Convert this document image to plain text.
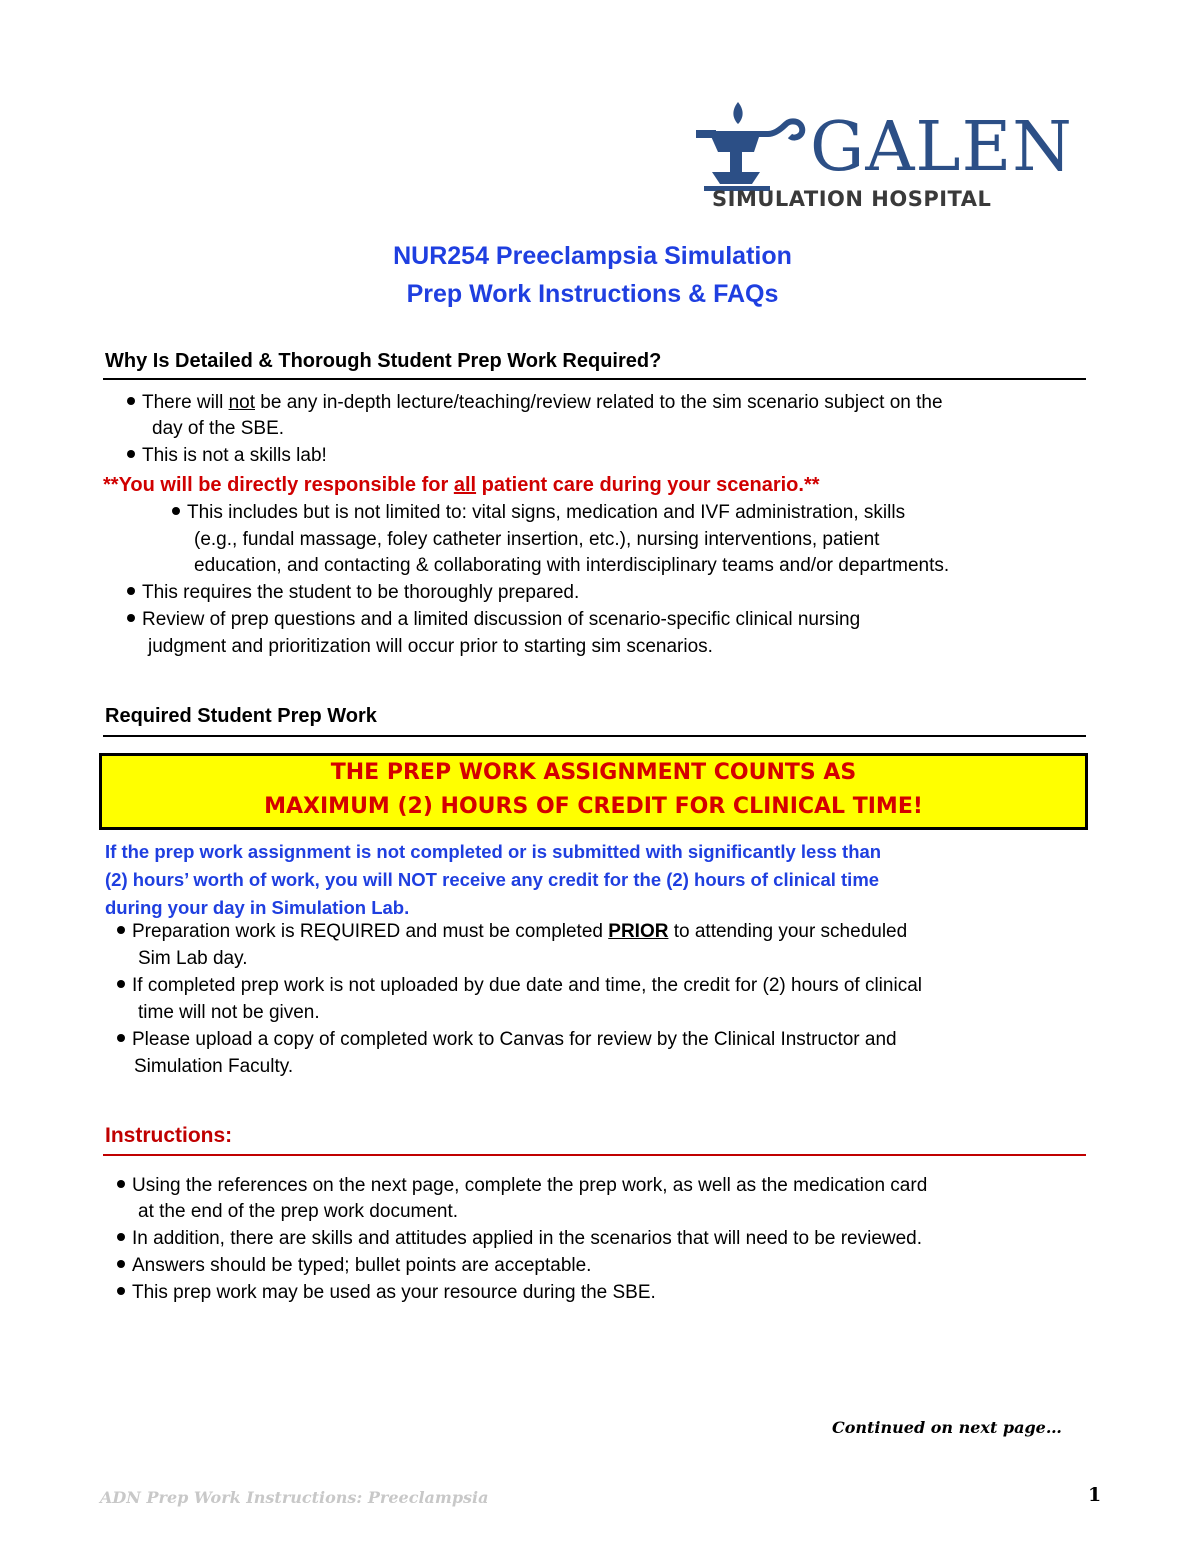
GALEN
SIMULATION HOSPITAL
NUR254 Preeclampsia Simulation
Prep Work Instructions & FAQs
Why Is Detailed & Thorough Student Prep Work Required?
There will not be any in-depth lecture/teaching/review related to the sim scenario subject on the
day of the SBE.
This is not a skills lab!
**You will be directly responsible for all patient care during your scenario.**
This includes but is not limited to: vital signs, medication and IVF administration, skills
(e.g., fundal massage, foley catheter insertion, etc.), nursing interventions, patient
education, and contacting & collaborating with interdisciplinary teams and/or departments.
This requires the student to be thoroughly prepared.
Review of prep questions and a limited discussion of scenario-specific clinical nursing
judgment and prioritization will occur prior to starting sim scenarios.
Required Student Prep Work
THE PREP WORK ASSIGNMENT COUNTS AS
MAXIMUM (2) HOURS OF CREDIT FOR CLINICAL TIME!
If the prep work assignment is not completed or is submitted with significantly less than
(2) hours’ worth of work, you will NOT receive any credit for the (2) hours of clinical time
during your day in Simulation Lab.
Preparation work is REQUIRED and must be completed PRIOR to attending your scheduled
Sim Lab day.
If completed prep work is not uploaded by due date and time, the credit for (2) hours of clinical
time will not be given.
Please upload a copy of completed work to Canvas for review by the Clinical Instructor and
Simulation Faculty.
Instructions:
Using the references on the next page, complete the prep work, as well as the medication card
at the end of the prep work document.
In addition, there are skills and attitudes applied in the scenarios that will need to be reviewed.
Answers should be typed; bullet points are acceptable.
This prep work may be used as your resource during the SBE.
Continued on next page…
ADN Prep Work Instructions: Preeclampsia	1
